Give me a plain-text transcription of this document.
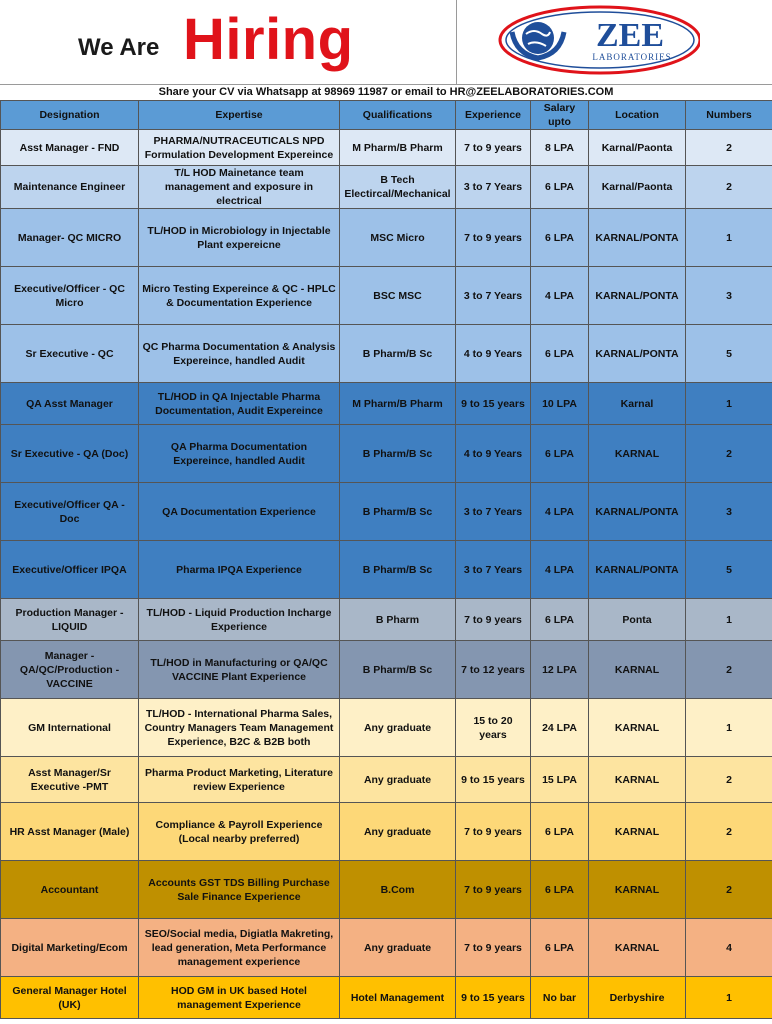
We Are Hiring	ZEE
LABORATORIES
Share your CV via Whatsapp at 98969 11987 or email to HR@ZEELABORATORIES.COM
Designation	Expertise	Qualifications	Experience	Salary upto	Location	Numbers
Asst Manager - FND	PHARMA/NUTRACEUTICALS NPD Formulation Development Expereince	M Pharm/B Pharm	7 to 9 years	8 LPA	Karnal/Paonta	2
Maintenance Engineer	T/L HOD Mainetance team management and exposure in electrical	B Tech Electircal/Mechanical	3 to 7 Years	6 LPA	Karnal/Paonta	2
Manager- QC MICRO	TL/HOD in Microbiology in Injectable Plant expereicne	MSC Micro	7 to 9 years	6 LPA	KARNAL/PONTA	1
Executive/Officer - QC Micro	Micro Testing Expereince & QC - HPLC & Documentation Experience	BSC MSC	3 to 7 Years	4 LPA	KARNAL/PONTA	3
Sr Executive - QC	QC Pharma Documentation & Analysis Expereince, handled Audit	B Pharm/B Sc	4 to 9 Years	6 LPA	KARNAL/PONTA	5
QA Asst Manager	TL/HOD in QA Injectable Pharma Documentation, Audit Expereince	M Pharm/B Pharm	9 to 15 years	10 LPA	Karnal	1
Sr Executive - QA (Doc)	QA Pharma Documentation Expereince, handled Audit	B Pharm/B Sc	4 to 9 Years	6 LPA	KARNAL	2
Executive/Officer QA - Doc	QA Documentation Experience	B Pharm/B Sc	3 to 7 Years	4 LPA	KARNAL/PONTA	3
Executive/Officer IPQA	Pharma IPQA Experience	B Pharm/B Sc	3 to 7 Years	4 LPA	KARNAL/PONTA	5
Production Manager - LIQUID	TL/HOD - Liquid Production Incharge Experience	B Pharm	7 to 9 years	6 LPA	Ponta	1
Manager - QA/QC/Production - VACCINE	TL/HOD in Manufacturing or QA/QC VACCINE Plant Experience	B Pharm/B Sc	7 to 12 years	12 LPA	KARNAL	2
GM International	TL/HOD - International Pharma Sales, Country Managers Team Management Experience, B2C & B2B both	Any graduate	15 to 20 years	24 LPA	KARNAL	1
Asst Manager/Sr Executive -PMT	Pharma Product Marketing, Literature review Experience	Any graduate	9 to 15 years	15 LPA	KARNAL	2
HR Asst Manager (Male)	Compliance & Payroll Experience (Local nearby preferred)	Any graduate	7 to 9 years	6 LPA	KARNAL	2
Accountant	Accounts GST TDS Billing Purchase Sale Finance Experience	B.Com	7 to 9 years	6 LPA	KARNAL	2
Digital Marketing/Ecom	SEO/Social media, Digiatla Makreting, lead generation, Meta Performance management experience	Any graduate	7 to 9 years	6 LPA	KARNAL	4
General Manager Hotel (UK)	HOD GM in UK based Hotel management Experience	Hotel Management	9 to 15 years	No bar	Derbyshire	1
